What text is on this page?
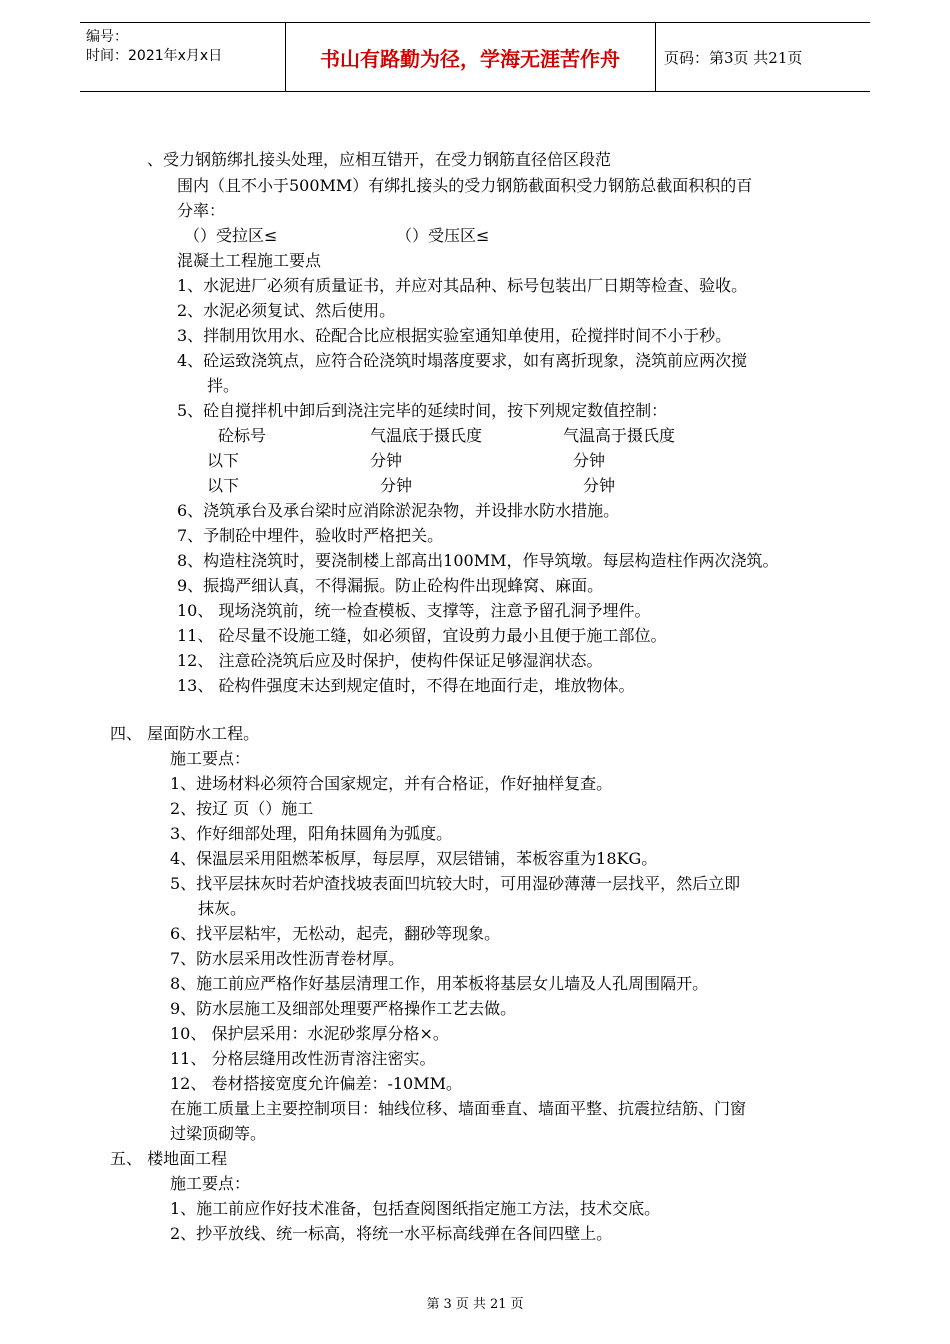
编号：
时间：2021年x月x日	书山有路勤为径，学海无涯苦作舟	页码：第3页 共21页
、受力钢筋绑扎接头处理，应相互错开，在受力钢筋直径倍区段范
围内（且不小于500MM）有绑扎接头的受力钢筋截面积受力钢筋总截面积积的百
分率：
（）受拉区≤	（）受压区≤
混凝土工程施工要点
1、水泥进厂必须有质量证书，并应对其品种、标号包装出厂日期等检查、验收。
2、水泥必须复试、然后使用。
3、拌制用饮用水、砼配合比应根据实验室通知单使用，砼搅拌时间不小于秒。
4、砼运致浇筑点，应符合砼浇筑时塌落度要求，如有离折现象，浇筑前应两次搅
拌。
5、砼自搅拌机中卸后到浇注完毕的延续时间，按下列规定数值控制：
砼标号	气温底于摄氏度	气温高于摄氏度
以下	分钟	分钟
以下	分钟	分钟
6、浇筑承台及承台梁时应消除淤泥杂物，并设排水防水措施。
7、予制砼中埋件，验收时严格把关。
8、构造柱浇筑时，要浇制楼上部高出100MM，作导筑墩。每层构造柱作两次浇筑。
9、振捣严细认真，不得漏振。防止砼构件出现蜂窝、麻面。
10、 现场浇筑前，统一检查模板、支撑等，注意予留孔洞予埋件。
11、 砼尽量不设施工缝，如必须留，宜设剪力最小且便于施工部位。
12、 注意砼浇筑后应及时保护，使构件保证足够湿润状态。
13、 砼构件强度末达到规定值时，不得在地面行走，堆放物体。
四、 屋面防水工程。
施工要点：
1、进场材料必须符合国家规定，并有合格证，作好抽样复查。
2、按辽 页（）施工
3、作好细部处理，阳角抹圆角为弧度。
4、保温层采用阻燃苯板厚，每层厚，双层错铺，苯板容重为18KG。
5、找平层抹灰时若炉渣找坡表面凹坑较大时，可用湿砂薄薄一层找平，然后立即
抹灰。
6、找平层粘牢，无松动，起壳，翻砂等现象。
7、防水层采用改性沥青卷材厚。
8、施工前应严格作好基层清理工作，用苯板将基层女儿墙及人孔周围隔开。
9、防水层施工及细部处理要严格操作工艺去做。
10、 保护层采用：水泥砂浆厚分格×。
11、 分格层缝用改性沥青溶注密实。
12、 卷材搭接宽度允许偏差：-10MM。
在施工质量上主要控制项目：轴线位移、墙面垂直、墙面平整、抗震拉结筋、门窗
过梁顶砌等。
五、 楼地面工程
施工要点：
1、施工前应作好技术准备，包括查阅图纸指定施工方法，技术交底。
2、抄平放线、统一标高，将统一水平标高线弹在各间四壁上。
第 3 页 共 21 页
